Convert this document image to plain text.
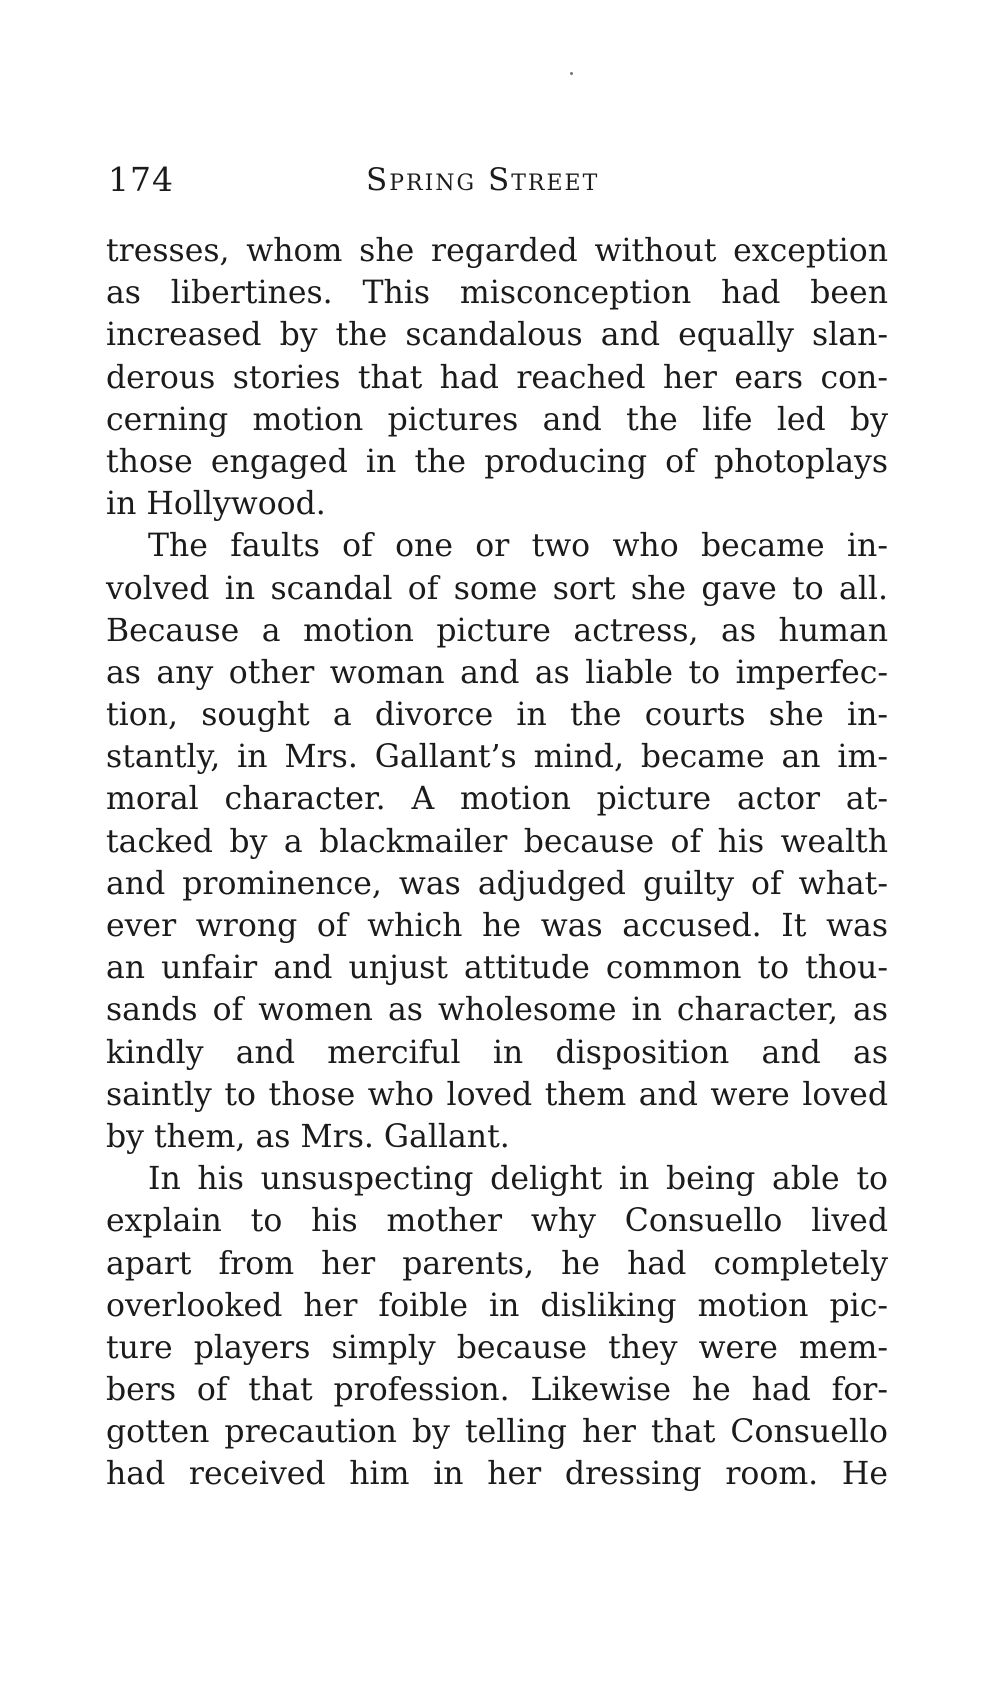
174	Spring Street
tresses, whom she regarded without exception
as libertines. This misconception had been
increased by the scandalous and equally slan-
derous stories that had reached her ears con-
cerning motion pictures and the life led by
those engaged in the producing of photoplays
in Hollywood.
The faults of one or two who became in-
volved in scandal of some sort she gave to all.
Because a motion picture actress, as human
as any other woman and as liable to imperfec-
tion, sought a divorce in the courts she in-
stantly, in Mrs. Gallant’s mind, became an im-
moral character. A motion picture actor at-
tacked by a blackmailer because of his wealth
and prominence, was adjudged guilty of what-
ever wrong of which he was accused. It was
an unfair and unjust attitude common to thou-
sands of women as wholesome in character, as
kindly and merciful in disposition and as
saintly to those who loved them and were loved
by them, as Mrs. Gallant.
In his unsuspecting delight in being able to
explain to his mother why Consuello lived
apart from her parents, he had completely
overlooked her foible in disliking motion pic-
ture players simply because they were mem-
bers of that profession. Likewise he had for-
gotten precaution by telling her that Consuello
had received him in her dressing room. He
